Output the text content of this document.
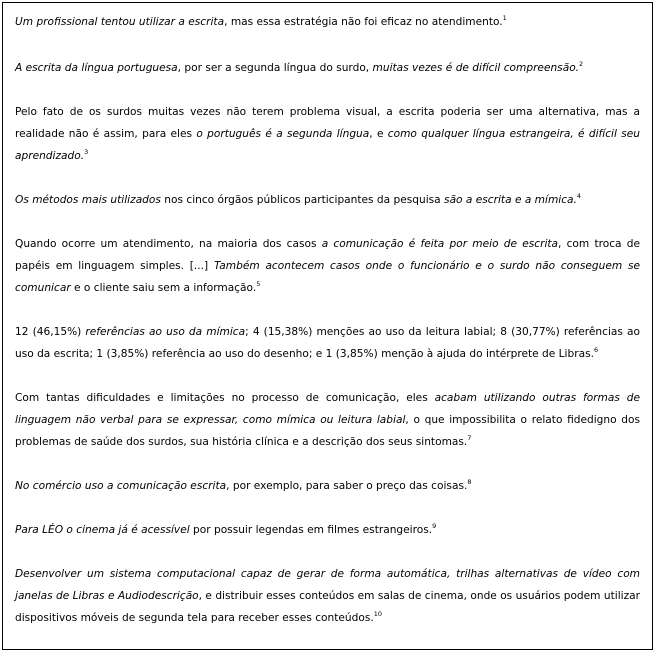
Um profissional tentou utilizar a escrita, mas essa estratégia não foi eficaz no atendimento.$^1$

A escrita da língua portuguesa, por ser a segunda língua do surdo, muitas vezes é de difícil compreensão.$^2$

Pelo fato de os surdos muitas vezes não terem problema visual, a escrita poderia ser uma alternativa, mas a realidade não é assim, para eles o português é a segunda língua, e como qualquer língua estrangeira, é difícil seu aprendizado.$^3$

Os métodos mais utilizados nos cinco órgãos públicos participantes da pesquisa são a escrita e a mímica.$^4$

Quando ocorre um atendimento, na maioria dos casos a comunicação é feita por meio de escrita, com troca de papéis em linguagem simples. [...] Também acontecem casos onde o funcionário e o surdo não conseguem se comunicar e o cliente saiu sem a informação.$^5$

12 (46,15%) referências ao uso da mímica; 4 (15,38%) menções ao uso da leitura labial; 8 (30,77%) referências ao uso da escrita; 1 (3,85%) referência ao uso do desenho; e 1 (3,85%) menção à ajuda do intérprete de Libras.$^6$

Com tantas dificuldades e limitações no processo de comunicação, eles acabam utilizando outras formas de linguagem não verbal para se expressar, como mímica ou leitura labial, o que impossibilita o relato fidedigno dos problemas de saúde dos surdos, sua história clínica e a descrição dos seus sintomas.$^7$

No comércio uso a comunicação escrita, por exemplo, para saber o preço das coisas.$^8$

Para LÉO o cinema já é acessível por possuir legendas em filmes estrangeiros.$^9$

Desenvolver um sistema computacional capaz de gerar de forma automática, trilhas alternativas de vídeo com janelas de Libras e Audiodescrição, e distribuir esses conteúdos em salas de cinema, onde os usuários podem utilizar dispositivos móveis de segunda tela para receber esses conteúdos.$^{10}$
